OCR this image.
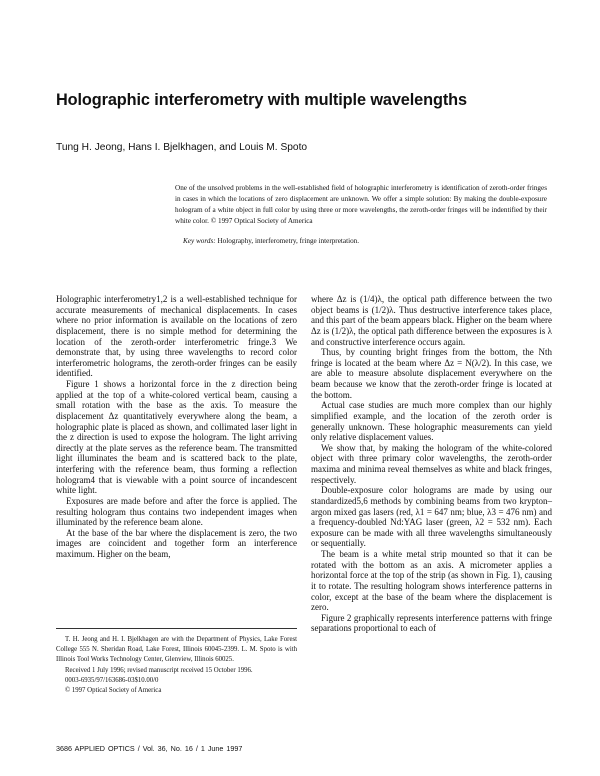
Holographic interferometry with multiple wavelengths
Tung H. Jeong, Hans I. Bjelkhagen, and Louis M. Spoto

One of the unsolved problems in the well-established field of holographic interferometry is identification of zeroth-order fringes in cases in which the locations of zero displacement are unknown. We offer a simple solution: By making the double-exposure hologram of a white object in full color by using three or more wavelengths, the zeroth-order fringes will be indentified by their white color. © 1997 Optical Society of America

Key words: Holography, interferometry, fringe interpretation.

Holographic interferometry1,2 is a well-established technique for accurate measurements of mechanical displacements. In cases where no prior information is available on the locations of zero displacement, there is no simple method for determining the location of the zeroth-order interferometric fringe.3 We demonstrate that, by using three wavelengths to record color interferometric holograms, the zeroth-order fringes can be easily identified.

Figure 1 shows a horizontal force in the z direction being applied at the top of a white-colored vertical beam, causing a small rotation with the base as the axis. To measure the displacement Δz quantitatively everywhere along the beam, a holographic plate is placed as shown, and collimated laser light in the z direction is used to expose the hologram. The light arriving directly at the plate serves as the reference beam. The transmitted light illuminates the beam and is scattered back to the plate, interfering with the reference beam, thus forming a reflection hologram4 that is viewable with a point source of incandescent white light.

Exposures are made before and after the force is applied. The resulting hologram thus contains two independent images when illuminated by the reference beam alone.

At the base of the bar where the displacement is zero, the two images are coincident and together form an interference maximum. Higher on the beam,

where Δz is (1/4)λ, the optical path difference between the two object beams is (1/2)λ. Thus destructive interference takes place, and this part of the beam appears black. Higher on the beam where Δz is (1/2)λ, the optical path difference between the exposures is λ and constructive interference occurs again.

Thus, by counting bright fringes from the bottom, the Nth fringe is located at the beam where Δz = N(λ/2). In this case, we are able to measure absolute displacement everywhere on the beam because we know that the zeroth-order fringe is located at the bottom.

Actual case studies are much more complex than our highly simplified example, and the location of the zeroth order is generally unknown. These holographic measurements can yield only relative displacement values.

We show that, by making the hologram of the white-colored object with three primary color wavelengths, the zeroth-order maxima and minima reveal themselves as white and black fringes, respectively.

Double-exposure color holograms are made by using our standardized5,6 methods by combining beams from two krypton–argon mixed gas lasers (red, λ1 = 647 nm; blue, λ3 = 476 nm) and a frequency-doubled Nd:YAG laser (green, λ2 = 532 nm). Each exposure can be made with all three wavelengths simultaneously or sequentially.

The beam is a white metal strip mounted so that it can be rotated with the bottom as an axis. A micrometer applies a horizontal force at the top of the strip (as shown in Fig. 1), causing it to rotate. The resulting hologram shows interference patterns in color, except at the base of the beam where the displacement is zero.

Figure 2 graphically represents interference patterns with fringe separations proportional to each of

T. H. Jeong and H. I. Bjelkhagen are with the Department of Physics, Lake Forest College 555 N. Sheridan Road, Lake Forest, Illinois 60045-2399. L. M. Spoto is with Illinois Tool Works Technology Center, Glenview, Illinois 60025.

Received 1 July 1996; revised manuscript received 15 October 1996.

0003-6935/97/163686-03$10.00/0

© 1997 Optical Society of America

3686 APPLIED OPTICS / Vol. 36, No. 16 / 1 June 1997
